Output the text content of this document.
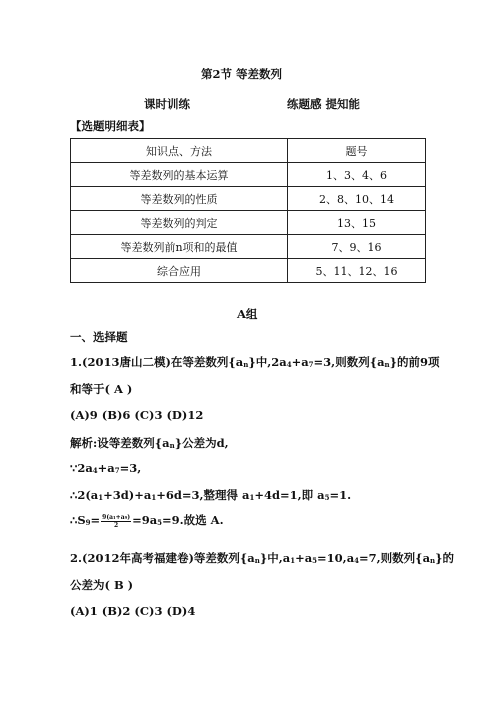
第2节 等差数列
课时训练	练题感 提知能
【选题明细表】
知识点、方法	题号
等差数列的基本运算	1、3、4、6
等差数列的性质	2、8、10、14
等差数列的判定	13、15
等差数列前n项和的最值	7、9、16
综合应用	5、11、12、16
A组
一、选择题
1.(2013唐山二模)在等差数列{an}中,2a4+a7=3,则数列{an}的前9项
和等于( A )
(A)9 (B)6 (C)3 (D)12
解析:设等差数列{an}公差为d,
∵2a4+a7=3,
∴2(a1+3d)+a1+6d=3,整理得 a1+4d=1,即 a5=1.
∴S9= $\frac{\text{9(a₁+a₉)}}{2} =9a5=9$.故选 A.
2.(2012年高考福建卷)等差数列{an}中,a1+a5=10,a4=7,则数列{an}的
公差为( B )
(A)1 (B)2 (C)3 (D)4
